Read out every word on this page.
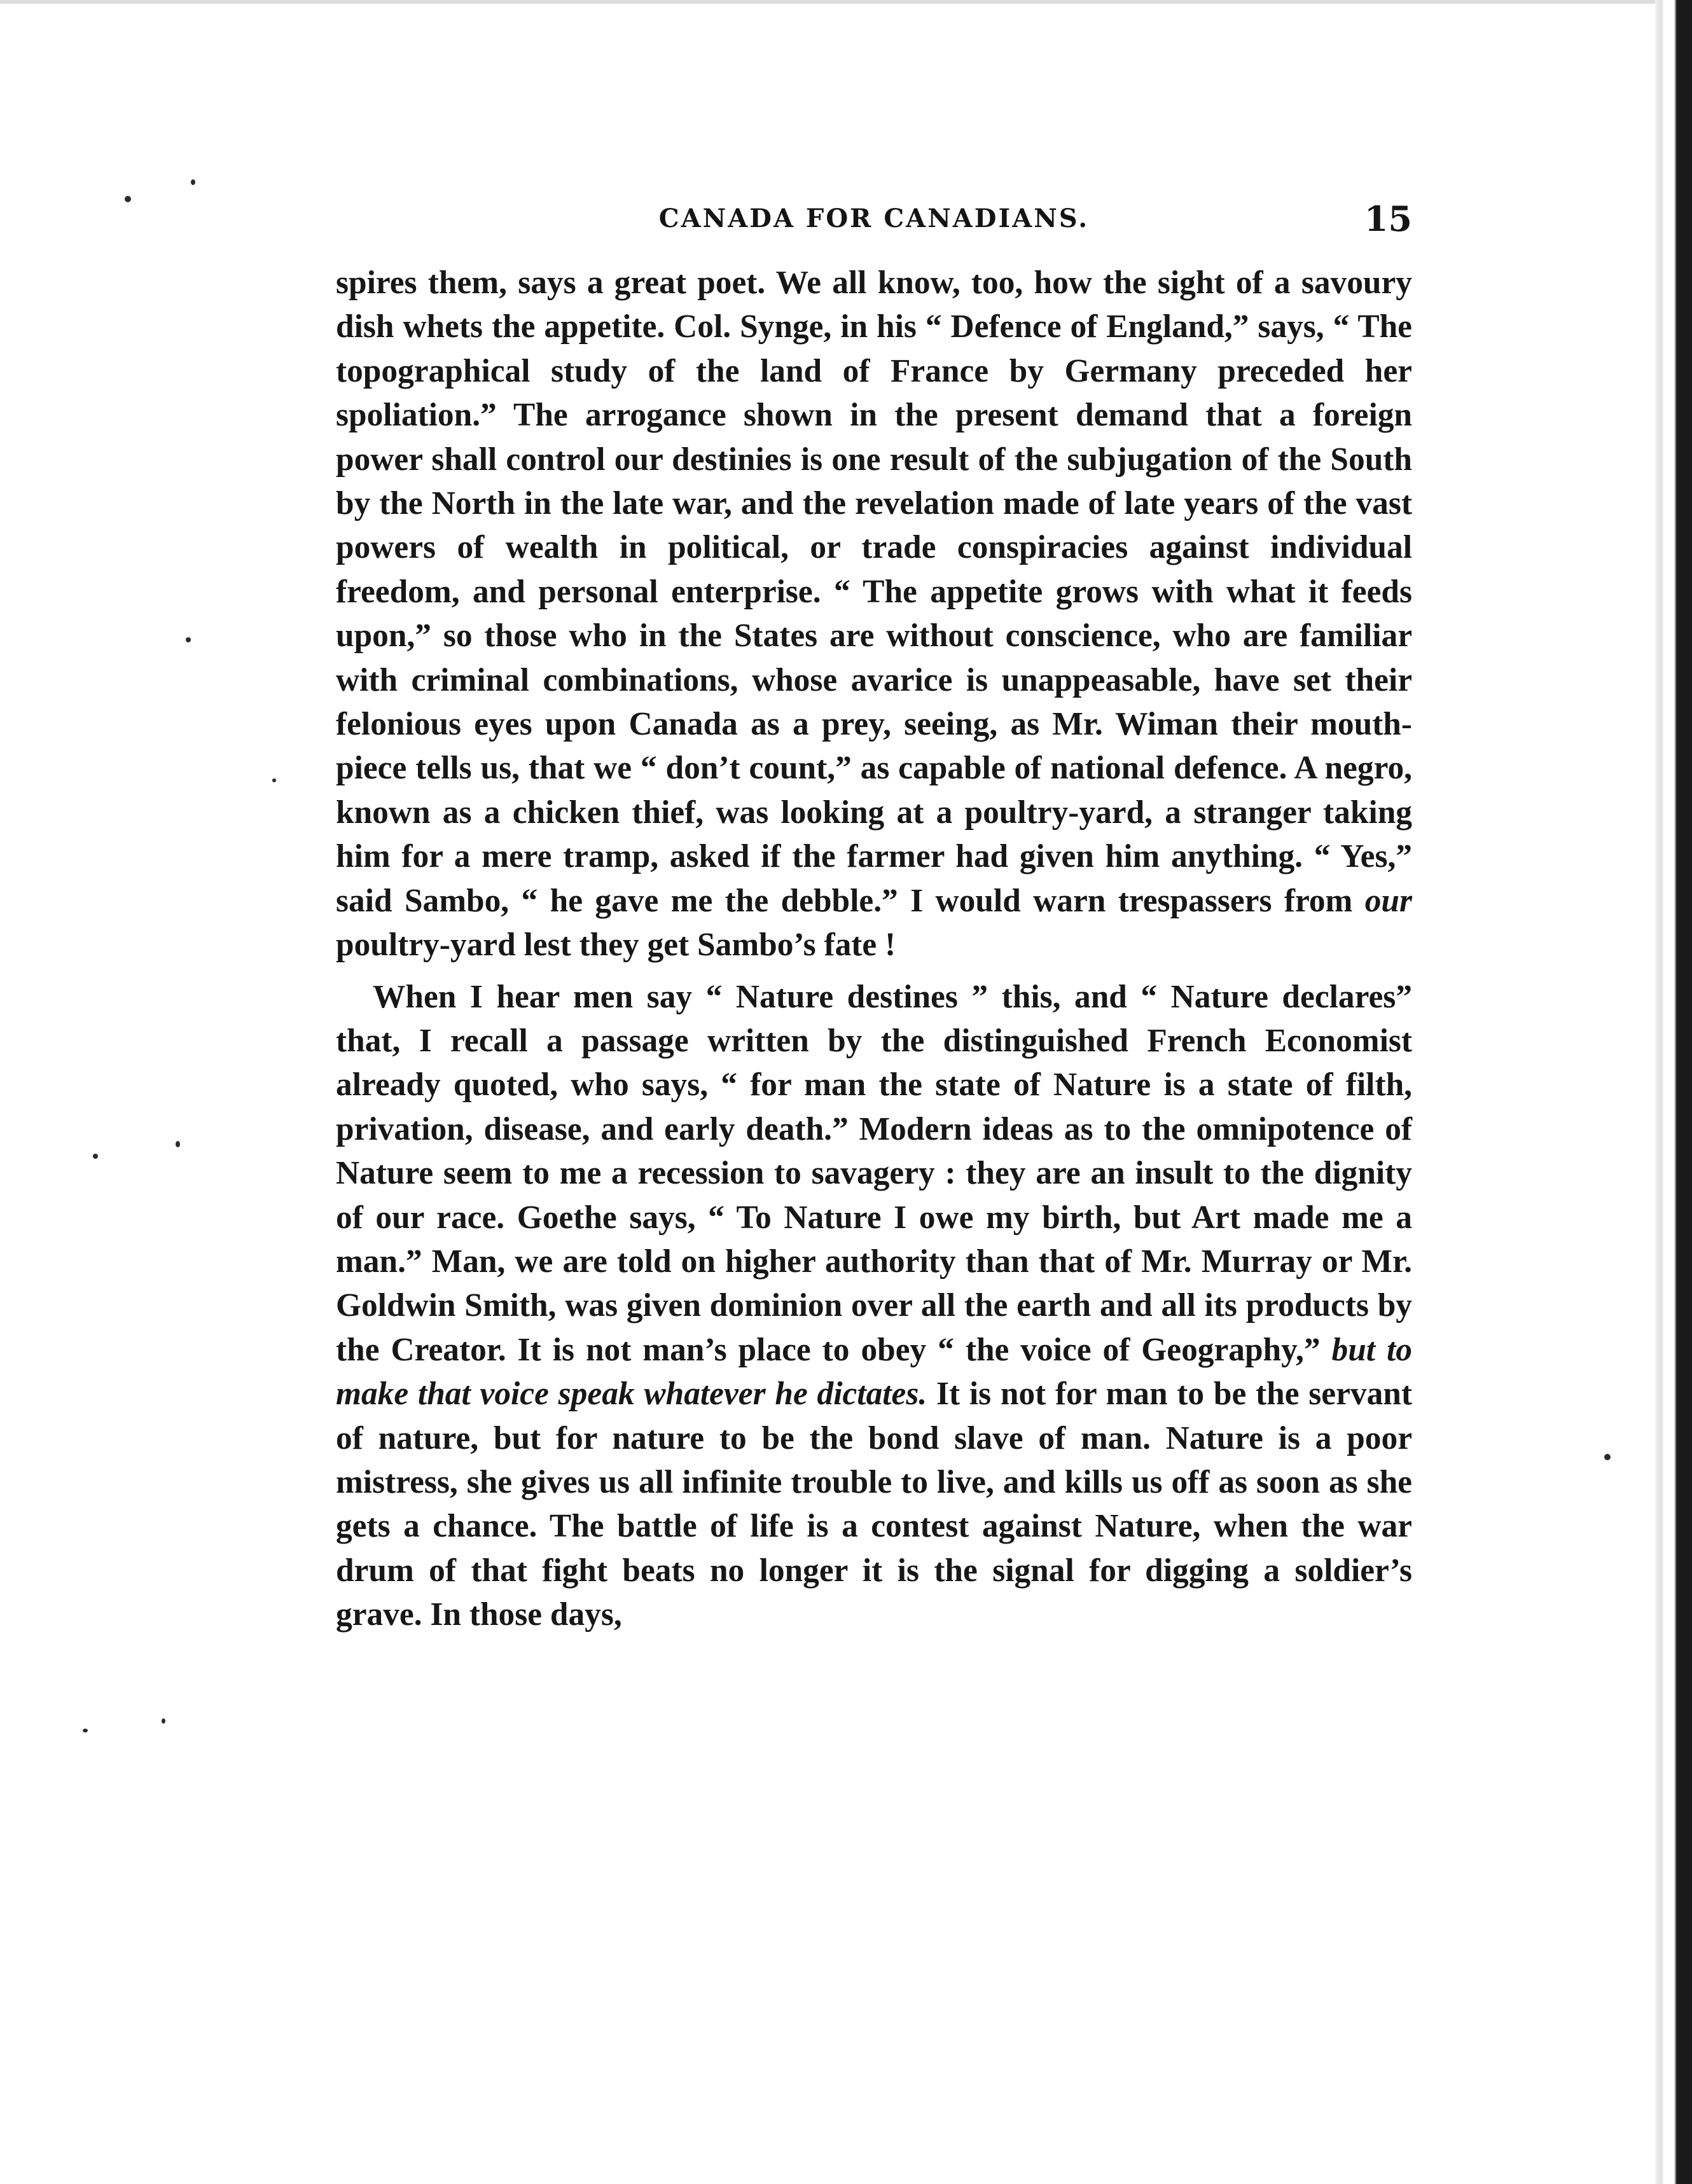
CANADA FOR CANADIANS.	15

spires them, says a great poet. We all know, too, how the sight of a savoury dish whets the appetite. Col. Synge, in his “ Defence of England,” says, “ The topographical study of the land of France by Germany preceded her spoliation.” The arrogance shown in the present demand that a foreign power shall control our destinies is one result of the subjugation of the South by the North in the late war, and the revelation made of late years of the vast powers of wealth in political, or trade conspiracies against individual freedom, and personal enterprise. “ The appetite grows with what it feeds upon,” so those who in the States are without conscience, who are familiar with criminal combinations, whose avarice is unappeasable, have set their felonious eyes upon Canada as a prey, seeing, as Mr. Wiman their mouth-piece tells us, that we “ don’t count,” as capable of national defence. A negro, known as a chicken thief, was looking at a poultry-yard, a stranger taking him for a mere tramp, asked if the farmer had given him anything. “ Yes,” said Sambo, “ he gave me the debble.” I would warn trespassers from our poultry-yard lest they get Sambo’s fate !

When I hear men say “ Nature destines ” this, and “ Nature declares” that, I recall a passage written by the distinguished French Economist already quoted, who says, “ for man the state of Nature is a state of filth, privation, disease, and early death.” Modern ideas as to the omnipotence of Nature seem to me a recession to savagery : they are an insult to the dignity of our race. Goethe says, “ To Nature I owe my birth, but Art made me a man.” Man, we are told on higher authority than that of Mr. Murray or Mr. Goldwin Smith, was given dominion over all the earth and all its products by the Creator. It is not man’s place to obey “ the voice of Geography,” but to make that voice speak whatever he dictates. It is not for man to be the servant of nature, but for nature to be the bond slave of man. Nature is a poor mistress, she gives us all infinite trouble to live, and kills us off as soon as she gets a chance. The battle of life is a contest against Nature, when the war drum of that fight beats no longer it is the signal for digging a soldier’s grave. In those days,
